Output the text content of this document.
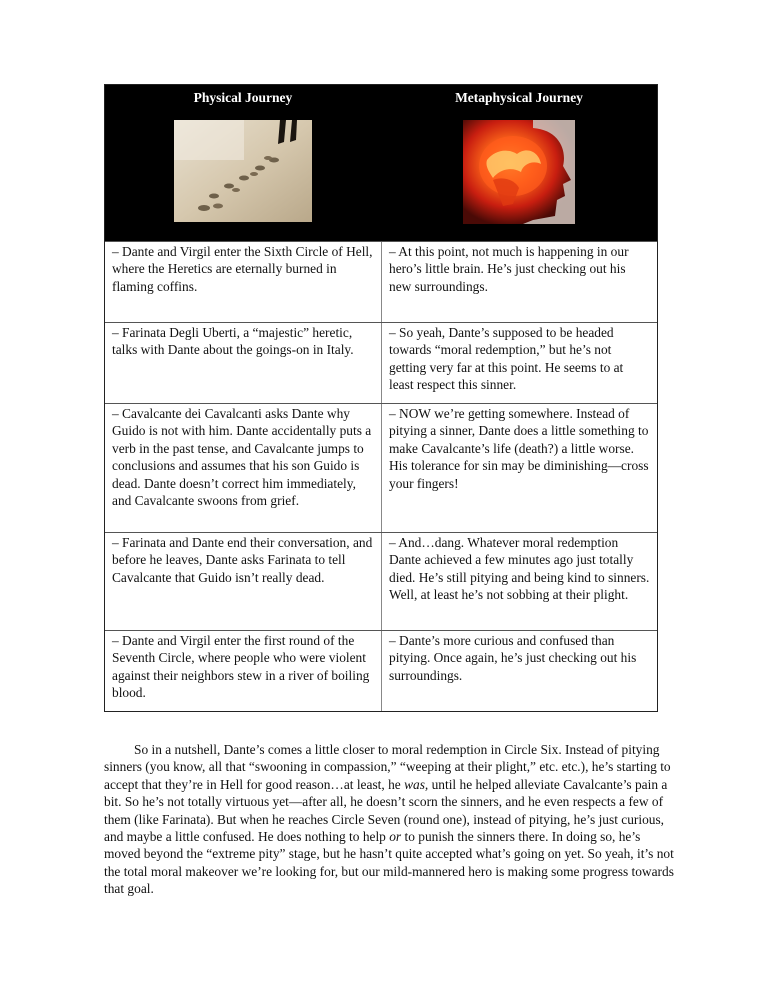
Physical Journey	Metaphysical Journey
– Dante and Virgil enter the Sixth Circle of Hell, where the Heretics are eternally burned in flaming coffins.
– At this point, not much is happening in our hero’s little brain. He’s just checking out his new surroundings.
– Farinata Degli Uberti, a “majestic” heretic, talks with Dante about the goings-on in Italy.
– So yeah, Dante’s supposed to be headed towards “moral redemption,” but he’s not getting very far at this point. He seems to at least respect this sinner.
– Cavalcante dei Cavalcanti asks Dante why Guido is not with him. Dante accidentally puts a verb in the past tense, and Cavalcante jumps to conclusions and assumes that his son Guido is dead. Dante doesn’t correct him immediately, and Cavalcante swoons from grief.
– NOW we’re getting somewhere. Instead of pitying a sinner, Dante does a little something to make Cavalcante’s life (death?) a little worse. His tolerance for sin may be diminishing—cross your fingers!
– Farinata and Dante end their conversation, and before he leaves, Dante asks Farinata to tell Cavalcante that Guido isn’t really dead.
– And…dang. Whatever moral redemption Dante achieved a few minutes ago just totally died. He’s still pitying and being kind to sinners. Well, at least he’s not sobbing at their plight.
– Dante and Virgil enter the first round of the Seventh Circle, where people who were violent against their neighbors stew in a river of boiling blood.
– Dante’s more curious and confused than pitying. Once again, he’s just checking out his surroundings.

So in a nutshell, Dante’s comes a little closer to moral redemption in Circle Six. Instead of pitying sinners (you know, all that “swooning in compassion,” “weeping at their plight,” etc. etc.), he’s starting to accept that they’re in Hell for good reason…at least, he was, until he helped alleviate Cavalcante’s pain a bit. So he’s not totally virtuous yet—after all, he doesn’t scorn the sinners, and he even respects a few of them (like Farinata). But when he reaches Circle Seven (round one), instead of pitying, he’s just curious, and maybe a little confused. He does nothing to help or to punish the sinners there. In doing so, he’s moved beyond the “extreme pity” stage, but he hasn’t quite accepted what’s going on yet. So yeah, it’s not the total moral makeover we’re looking for, but our mild-mannered hero is making some progress towards that goal.
